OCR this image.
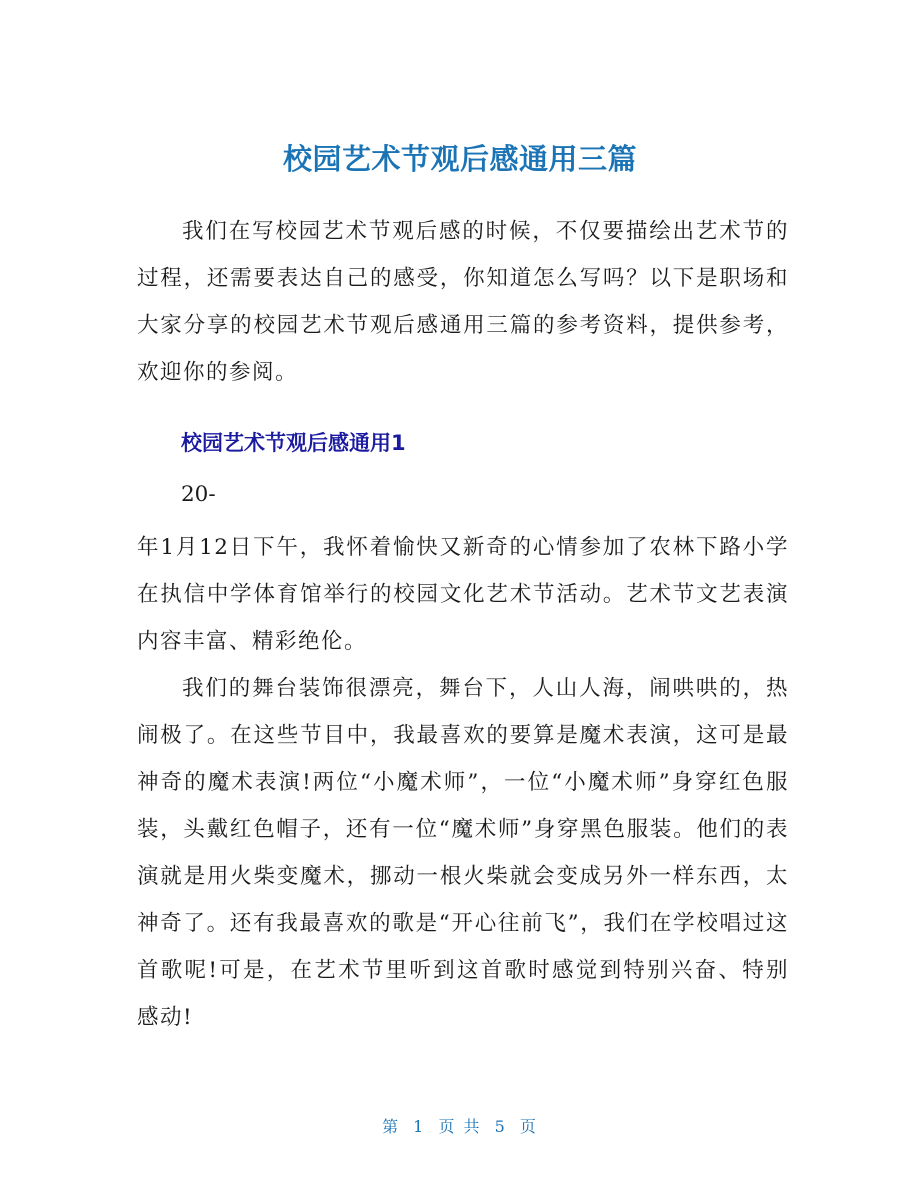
校园艺术节观后感通用三篇

我们在写校园艺术节观后感的时候，不仅要描绘出艺术节的过程，还需要表达自己的感受，你知道怎么写吗？以下是职场和大家分享的校园艺术节观后感通用三篇的参考资料，提供参考，欢迎你的参阅。

校园艺术节观后感通用1
20-

年1月12日下午，我怀着愉快又新奇的心情参加了农林下路小学在执信中学体育馆举行的校园文化艺术节活动。艺术节文艺表演内容丰富、精彩绝伦。

我们的舞台装饰很漂亮，舞台下，人山人海，闹哄哄的，热闹极了。在这些节目中，我最喜欢的要算是魔术表演，这可是最神奇的魔术表演!两位“小魔术师”，一位“小魔术师”身穿红色服装，头戴红色帽子，还有一位“魔术师”身穿黑色服装。他们的表演就是用火柴变魔术，挪动一根火柴就会变成另外一样东西，太神奇了。还有我最喜欢的歌是“开心往前飞”，我们在学校唱过这首歌呢!可是，在艺术节里听到这首歌时感觉到特别兴奋、特别感动!

第 1 页 共 5 页
